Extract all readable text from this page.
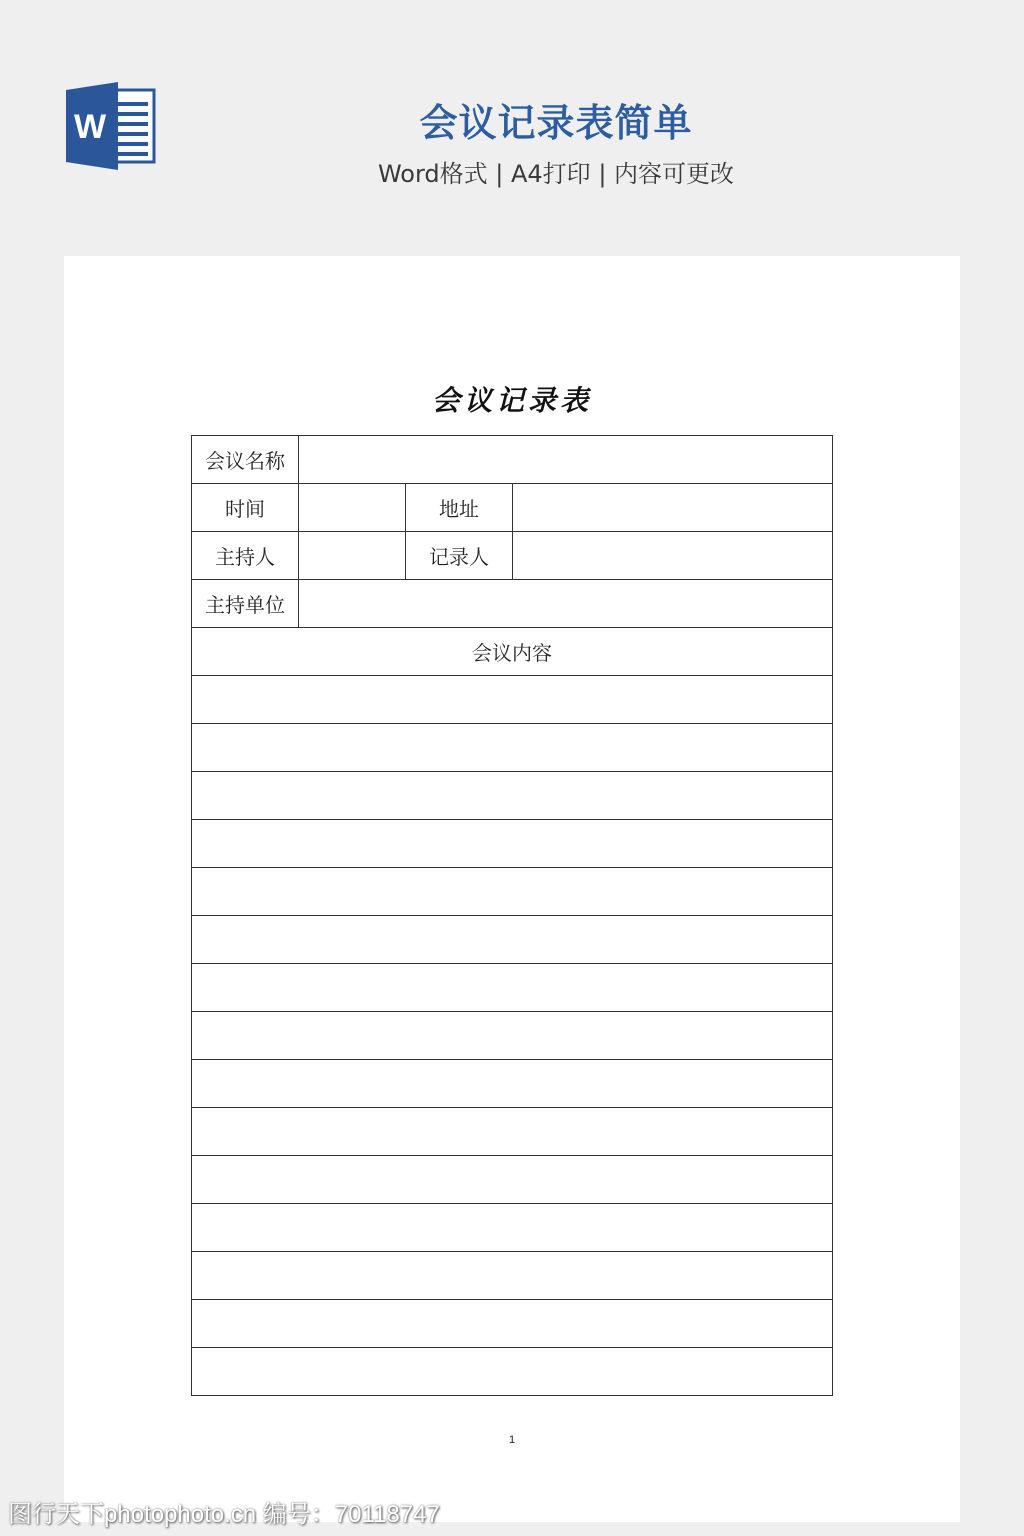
W	会议记录表简单
Word格式 | A4打印 | 内容可更改
会议记录表
会议名称			
时间		地址	
主持人		记录人	
主持单位			
会议内容			

1
图行天下photophoto.cn 编号：70118747
